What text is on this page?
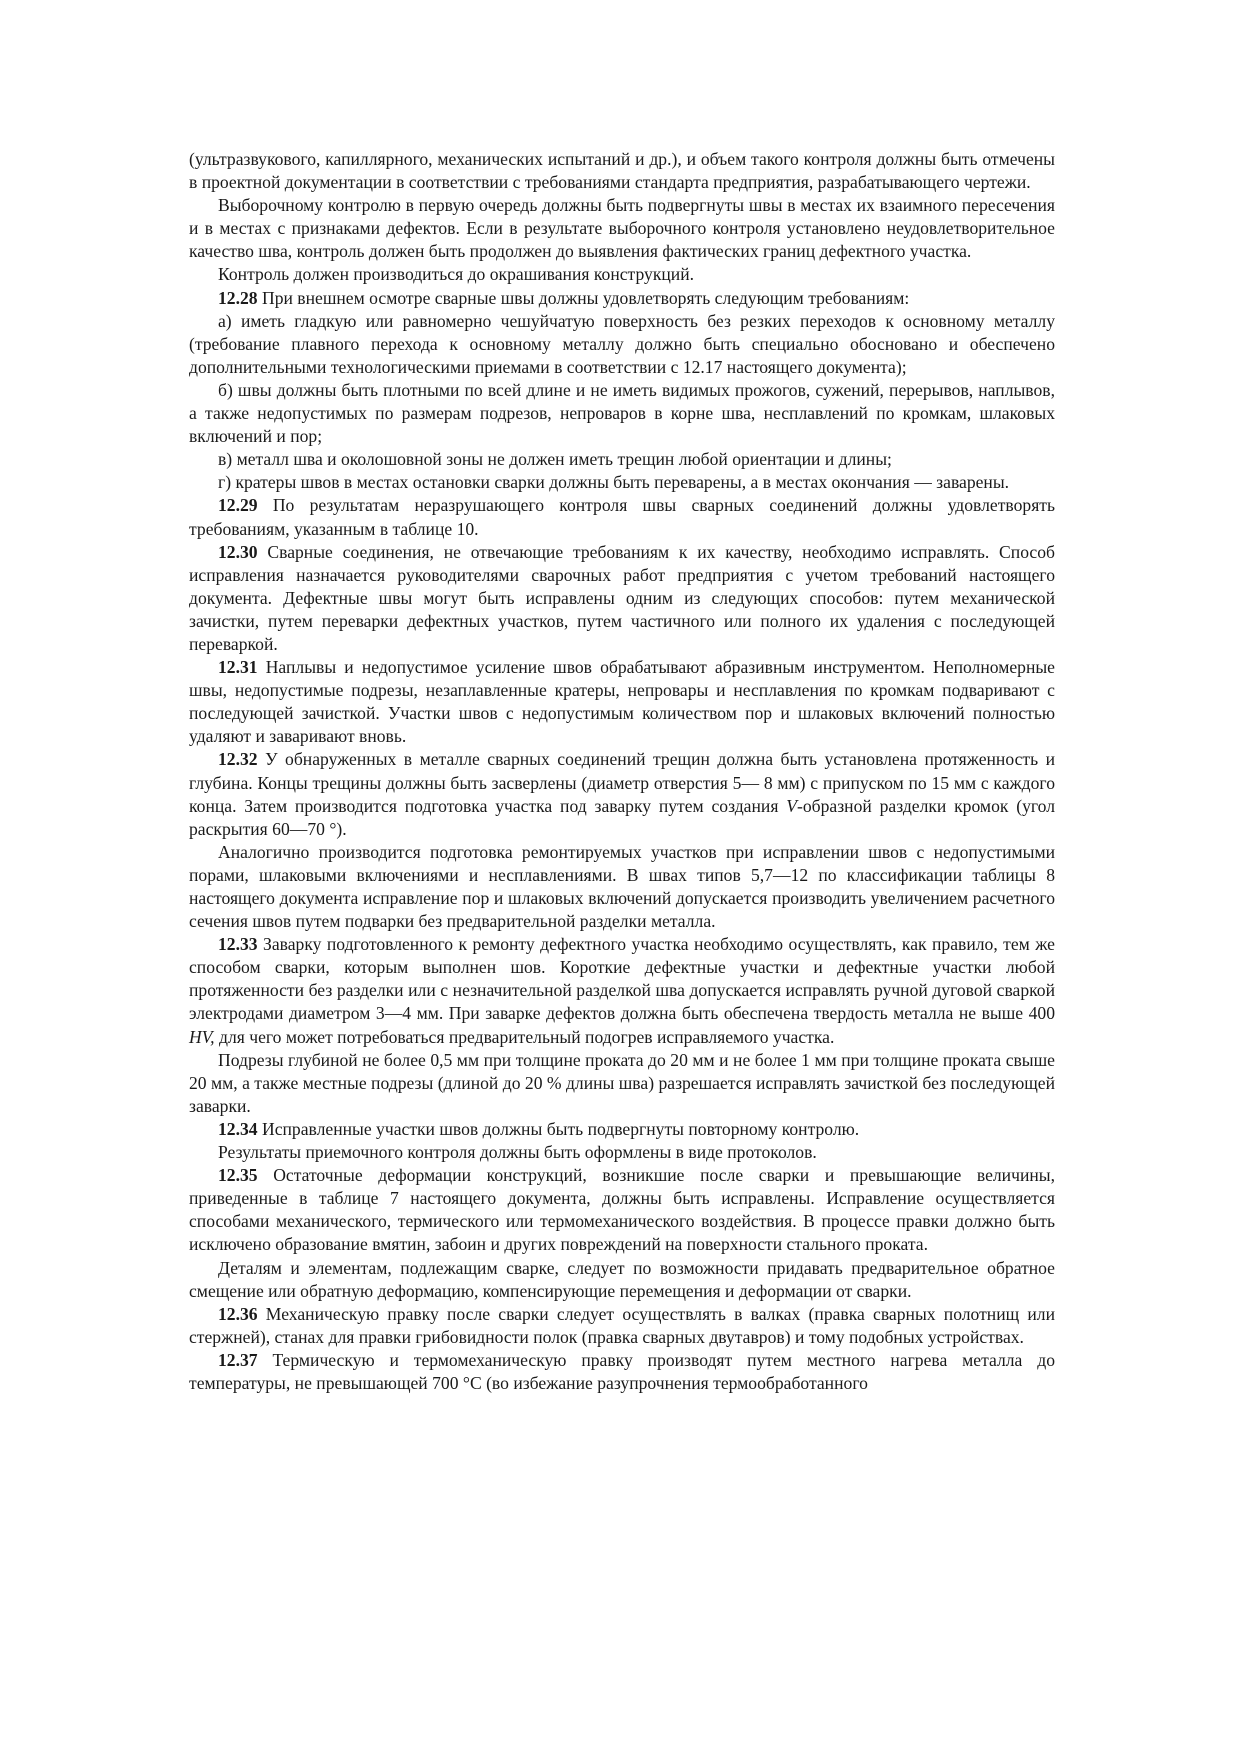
(ультразвукового, капиллярного, механических испытаний и др.), и объем такого контроля должны быть отмечены в проектной документации в соответствии с требованиями стандарта предприятия, разрабатывающего чертежи.

Выборочному контролю в первую очередь должны быть подвергнуты швы в местах их взаимного пересечения и в местах с признаками дефектов. Если в результате выборочного контроля установлено неудовлетворительное качество шва, контроль должен быть продолжен до выявления фактических границ дефектного участка.

Контроль должен производиться до окрашивания конструкций.

12.28 При внешнем осмотре сварные швы должны удовлетворять следующим требованиям:

а) иметь гладкую или равномерно чешуйчатую поверхность без резких переходов к основному металлу (требование плавного перехода к основному металлу должно быть специально обосновано и обеспечено дополнительными технологическими приемами в соответствии с 12.17 настоящего документа);

б) швы должны быть плотными по всей длине и не иметь видимых прожогов, сужений, перерывов, наплывов, а также недопустимых по размерам подрезов, непроваров в корне шва, несплавлений по кромкам, шлаковых включений и пор;

в) металл шва и околошовной зоны не должен иметь трещин любой ориентации и длины;

г) кратеры швов в местах остановки сварки должны быть переварены, а в местах окончания — заварены.

12.29 По результатам неразрушающего контроля швы сварных соединений должны удовлетворять требованиям, указанным в таблице 10.

12.30 Сварные соединения, не отвечающие требованиям к их качеству, необходимо исправлять. Способ исправления назначается руководителями сварочных работ предприятия с учетом требований настоящего документа. Дефектные швы могут быть исправлены одним из следующих способов: путем механической зачистки, путем переварки дефектных участков, путем частичного или полного их удаления с последующей переваркой.

12.31 Наплывы и недопустимое усиление швов обрабатывают абразивным инструментом. Неполномерные швы, недопустимые подрезы, незаплавленные кратеры, непровары и несплавления по кромкам подваривают с последующей зачисткой. Участки швов с недопустимым количеством пор и шлаковых включений полностью удаляют и заваривают вновь.

12.32 У обнаруженных в металле сварных соединений трещин должна быть установлена протяженность и глубина. Концы трещины должны быть засверлены (диаметр отверстия 5— 8 мм) с припуском по 15 мм с каждого конца. Затем производится подготовка участка под заварку путем создания V-образной разделки кромок (угол раскрытия 60—70 °).

Аналогично производится подготовка ремонтируемых участков при исправлении швов с недопустимыми порами, шлаковыми включениями и несплавлениями. В швах типов 5,7—12 по классификации таблицы 8 настоящего документа исправление пор и шлаковых включений допускается производить увеличением расчетного сечения швов путем подварки без предварительной разделки металла.

12.33 Заварку подготовленного к ремонту дефектного участка необходимо осуществлять, как правило, тем же способом сварки, которым выполнен шов. Короткие дефектные участки и дефектные участки любой протяженности без разделки или с незначительной разделкой шва допускается исправлять ручной дуговой сваркой электродами диаметром 3—4 мм. При заварке дефектов должна быть обеспечена твердость металла не выше 400 HV, для чего может потребоваться предварительный подогрев исправляемого участка.

Подрезы глубиной не более 0,5 мм при толщине проката до 20 мм и не более 1 мм при толщине проката свыше 20 мм, а также местные подрезы (длиной до 20 % длины шва) разрешается исправлять зачисткой без последующей заварки.

12.34 Исправленные участки швов должны быть подвергнуты повторному контролю.

Результаты приемочного контроля должны быть оформлены в виде протоколов.

12.35 Остаточные деформации конструкций, возникшие после сварки и превышающие величины, приведенные в таблице 7 настоящего документа, должны быть исправлены. Исправление осуществляется способами механического, термического или термомеханического воздействия. В процессе правки должно быть исключено образование вмятин, забоин и других повреждений на поверхности стального проката.

Деталям и элементам, подлежащим сварке, следует по возможности придавать предварительное обратное смещение или обратную деформацию, компенсирующие перемещения и деформации от сварки.

12.36 Механическую правку после сварки следует осуществлять в валках (правка сварных полотнищ или стержней), станах для правки грибовидности полок (правка сварных двутавров) и тому подобных устройствах.

12.37 Термическую и термомеханическую правку производят путем местного нагрева металла до температуры, не превышающей 700 °С (во избежание разупрочнения термообработанного
